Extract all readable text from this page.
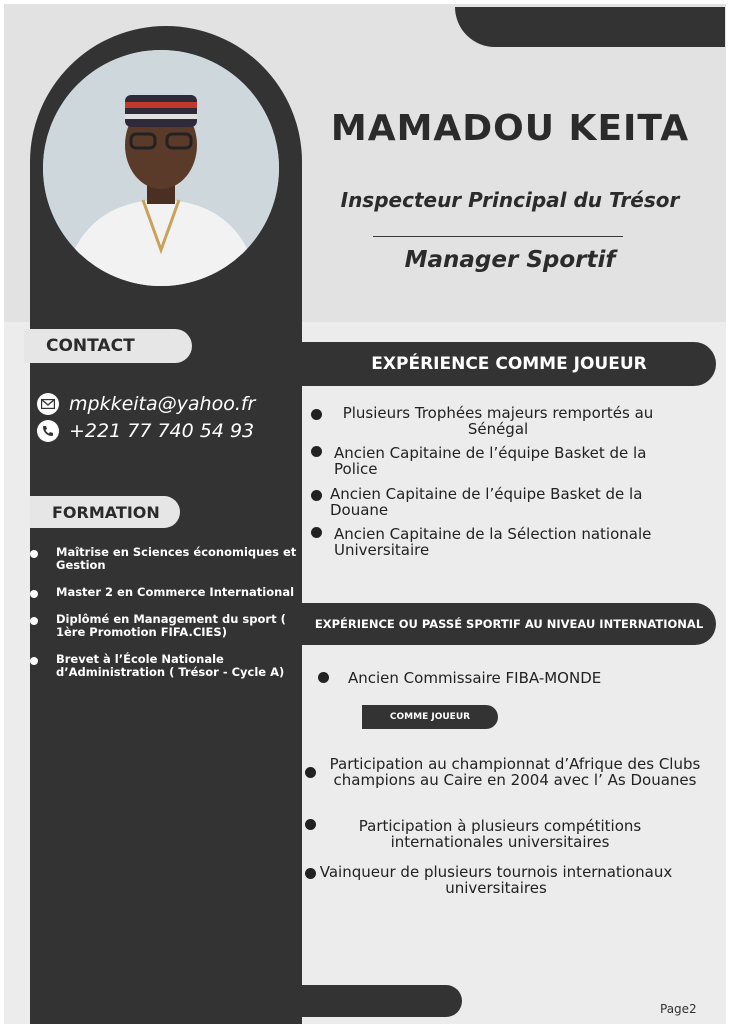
MAMADOU KEITA
Inspecteur Principal du Trésor
Manager Sportif
CONTACT
mpkkeita@yahoo.fr
+221 77 740 54 93
FORMATION
Maîtrise en Sciences économiques et Gestion
Master 2 en Commerce International
Diplômé en Management du sport ( 1ère Promotion FIFA.CIES)
Brevet à l’École Nationale d’Administration ( Trésor - Cycle A)
EXPÉRIENCE COMME JOUEUR
Plusieurs Trophées majeurs remportés au Sénégal
Ancien Capitaine de l’équipe Basket de la Police
Ancien Capitaine de l’équipe Basket de la Douane
Ancien Capitaine de la Sélection nationale Universitaire
EXPÉRIENCE OU PASSÉ SPORTIF AU NIVEAU INTERNATIONAL
Ancien Commissaire FIBA-MONDE
COMME JOUEUR
Participation au championnat d’Afrique des Clubs champions au Caire en 2004 avec l’ As Douanes
Participation à plusieurs compétitions internationales universitaires
Vainqueur de plusieurs tournois internationaux universitaires
Page2
